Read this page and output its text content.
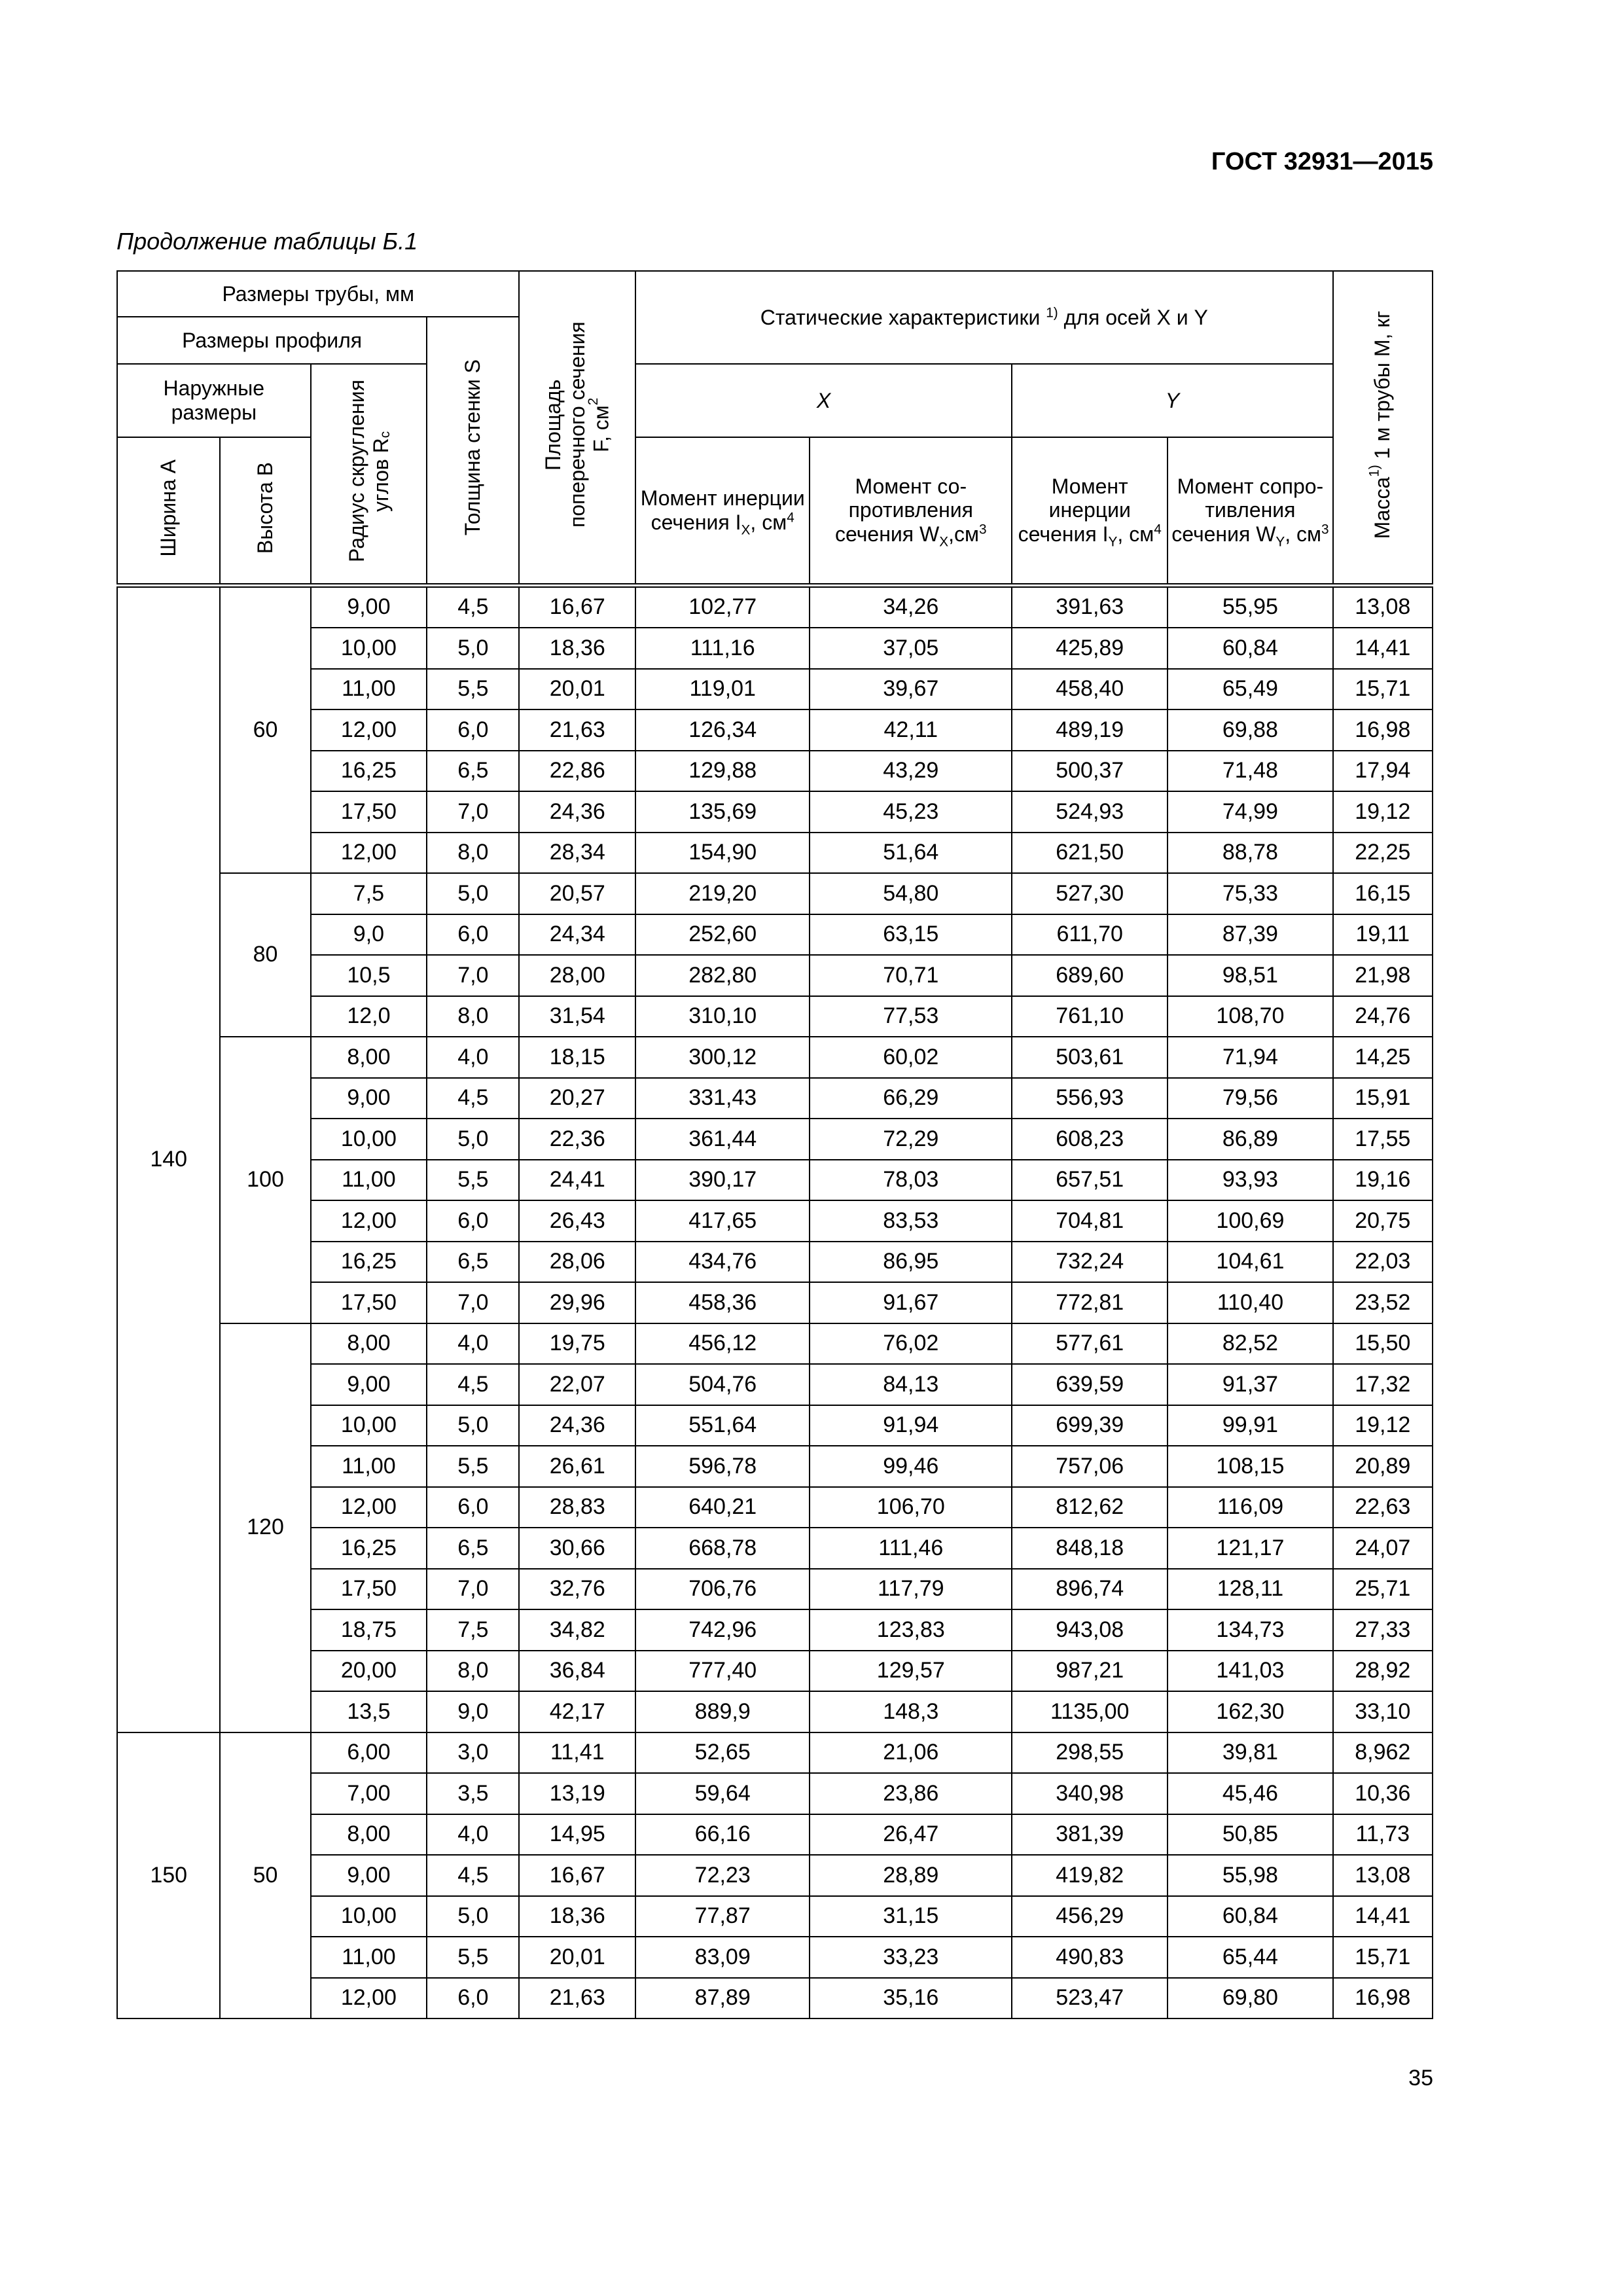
ГОСТ 32931—2015
Продолжение таблицы Б.1
Размеры трубы, мм				Площадь поперечного сечения F, $см^2$	Статические характеристики $^{1)}$ для осей X и Y				Масса$^{1)}$ 1 м трубы M, кг
Размеры профиля			Толщина стенки S						
Наружные размеры		Радиус скругления углов $R_c$			X		Y		
Ширина A	Высота B				Момент инерции сечения $I_X$, $см^4$	Момент со-противления сечения $W_X,см^3$	Момент инерции сечения $I_Y$, $см^4$	Момент сопро-тивления сечения $W_Y$, $см^3$
140	60	9,00	4,5	16,67	102,77	34,26	391,63	55,95	13,08
		10,00	5,0	18,36	111,16	37,05	425,89	60,84	14,41
		11,00	5,5	20,01	119,01	39,67	458,40	65,49	15,71
		12,00	6,0	21,63	126,34	42,11	489,19	69,88	16,98
		16,25	6,5	22,86	129,88	43,29	500,37	71,48	17,94
		17,50	7,0	24,36	135,69	45,23	524,93	74,99	19,12
		12,00	8,0	28,34	154,90	51,64	621,50	88,78	22,25
	80	7,5	5,0	20,57	219,20	54,80	527,30	75,33	16,15
		9,0	6,0	24,34	252,60	63,15	611,70	87,39	19,11
		10,5	7,0	28,00	282,80	70,71	689,60	98,51	21,98
		12,0	8,0	31,54	310,10	77,53	761,10	108,70	24,76
	100	8,00	4,0	18,15	300,12	60,02	503,61	71,94	14,25
		9,00	4,5	20,27	331,43	66,29	556,93	79,56	15,91
		10,00	5,0	22,36	361,44	72,29	608,23	86,89	17,55
		11,00	5,5	24,41	390,17	78,03	657,51	93,93	19,16
		12,00	6,0	26,43	417,65	83,53	704,81	100,69	20,75
		16,25	6,5	28,06	434,76	86,95	732,24	104,61	22,03
		17,50	7,0	29,96	458,36	91,67	772,81	110,40	23,52
	120	8,00	4,0	19,75	456,12	76,02	577,61	82,52	15,50
		9,00	4,5	22,07	504,76	84,13	639,59	91,37	17,32
		10,00	5,0	24,36	551,64	91,94	699,39	99,91	19,12
		11,00	5,5	26,61	596,78	99,46	757,06	108,15	20,89
		12,00	6,0	28,83	640,21	106,70	812,62	116,09	22,63
		16,25	6,5	30,66	668,78	111,46	848,18	121,17	24,07
		17,50	7,0	32,76	706,76	117,79	896,74	128,11	25,71
		18,75	7,5	34,82	742,96	123,83	943,08	134,73	27,33
		20,00	8,0	36,84	777,40	129,57	987,21	141,03	28,92
		13,5	9,0	42,17	889,9	148,3	1135,00	162,30	33,10
150	50	6,00	3,0	11,41	52,65	21,06	298,55	39,81	8,962
		7,00	3,5	13,19	59,64	23,86	340,98	45,46	10,36
		8,00	4,0	14,95	66,16	26,47	381,39	50,85	11,73
		9,00	4,5	16,67	72,23	28,89	419,82	55,98	13,08
		10,00	5,0	18,36	77,87	31,15	456,29	60,84	14,41
		11,00	5,5	20,01	83,09	33,23	490,83	65,44	15,71
		12,00	6,0	21,63	87,89	35,16	523,47	69,80	16,98
35
